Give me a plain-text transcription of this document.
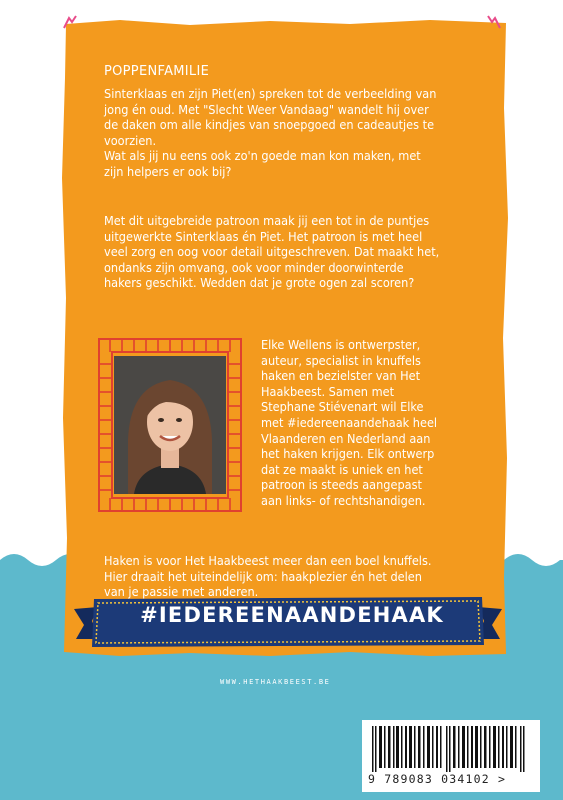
POPPENFAMILIE

Sinterklaas en zijn Piet(en) spreken tot de verbeelding van
jong én oud. Met "Slecht Weer Vandaag" wandelt hij over
de daken om alle kindjes van snoepgoed en cadeautjes te
voorzien.
Wat als jij nu eens ook zo'n goede man kon maken, met
zijn helpers er ook bij?

Met dit uitgebreide patroon maak jij een tot in de puntjes
uitgewerkte Sinterklaas én Piet. Het patroon is met heel
veel zorg en oog voor detail uitgeschreven. Dat maakt het,
ondanks zijn omvang, ook voor minder doorwinterde
hakers geschikt. Wedden dat je grote ogen zal scoren?

Elke Wellens is ontwerpster,
auteur, specialist in knuffels
haken en bezielster van Het
Haakbeest. Samen met
Stephane Stiévenart wil Elke
met #iedereenaandehaak heel
Vlaanderen en Nederland aan
het haken krijgen. Elk ontwerp
dat ze maakt is uniek en het
patroon is steeds aangepast
aan links- of rechtshandigen.

Haken is voor Het Haakbeest meer dan een boel knuffels.
Hier draait het uiteindelijk om: haakplezier én het delen
van je passie met anderen.

#IEDEREENAANDEHAAK
WWW.HETHAAKBEEST.BE
9 789083 034102 >
